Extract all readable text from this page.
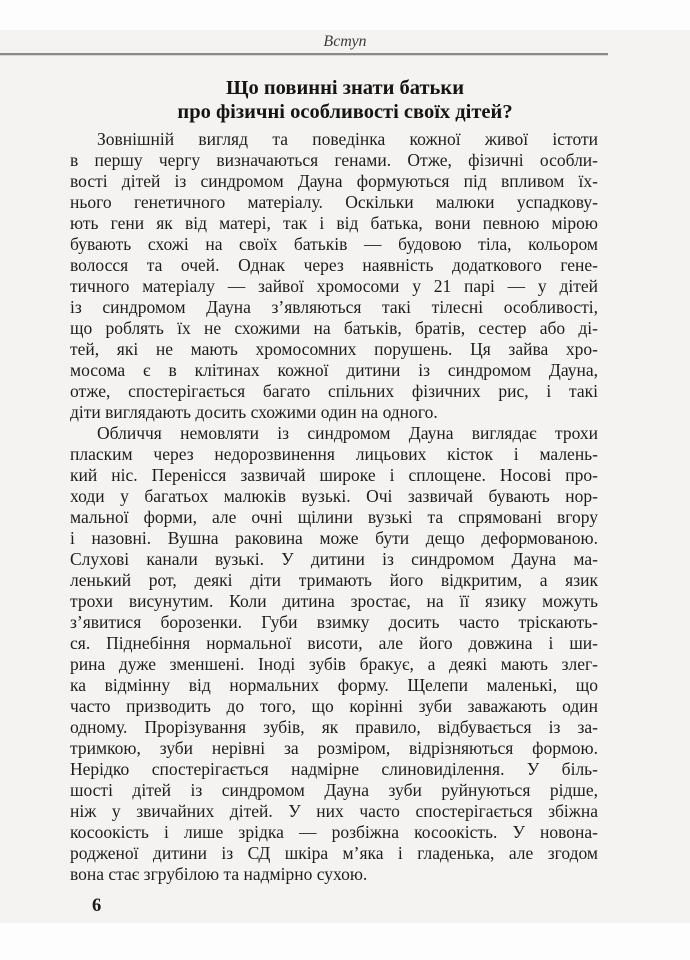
Вступ
Що повинні знати батьки
про фізичні особливості своїх дітей?

Зовнішній вигляд та поведінка кожної живої істоти
в першу чергу визначаються генами. Отже, фізичні особли-
вості дітей із синдромом Дауна формуються під впливом їх-
нього генетичного матеріалу. Оскільки малюки успадкову-
ють гени як від матері, так і від батька, вони певною мірою
бувають схожі на своїх батьків — будовою тіла, кольором
волосся та очей. Однак через наявність додаткового гене-
тичного матеріалу — зайвої хромосоми у 21 парі — у дітей
із синдромом Дауна з’являються такі тілесні особливості,
що роблять їх не схожими на батьків, братів, сестер або ді-
тей, які не мають хромосомних порушень. Ця зайва хро-
мосома є в клітинах кожної дитини із синдромом Дауна,
отже, спостерігається багато спільних фізичних рис, і такі
діти виглядають досить схожими один на одного.

Обличчя немовляти із синдромом Дауна виглядає трохи
пласким через недорозвинення лицьових кісток і малень-
кий ніс. Перенісся зазвичай широке і сплощене. Носові про-
ходи у багатьох малюків вузькі. Очі зазвичай бувають нор-
мальної форми, але очні щілини вузькі та спрямовані вгору
і назовні. Вушна раковина може бути дещо деформованою.
Слухові канали вузькі. У дитини із синдромом Дауна ма-
ленький рот, деякі діти тримають його відкритим, а язик
трохи висунутим. Коли дитина зростає, на її язику можуть
з’явитися борозенки. Губи взимку досить часто тріскають-
ся. Піднебіння нормальної висоти, але його довжина і ши-
рина дуже зменшені. Іноді зубів бракує, а деякі мають злег-
ка відмінну від нормальних форму. Щелепи маленькі, що
часто призводить до того, що корінні зуби заважають один
одному. Прорізування зубів, як правило, відбувається із за-
тримкою, зуби нерівні за розміром, відрізняються формою.
Нерідко спостерігається надмірне слиновиділення. У біль-
шості дітей із синдромом Дауна зуби руйнуються рідше,
ніж у звичайних дітей. У них часто спостерігається збіжна
косоокість і лише зрідка — розбіжна косоокість. У новона-
родженої дитини із СД шкіра м’яка і гладенька, але згодом
вона стає згрубілою та надмірно сухою.

6
